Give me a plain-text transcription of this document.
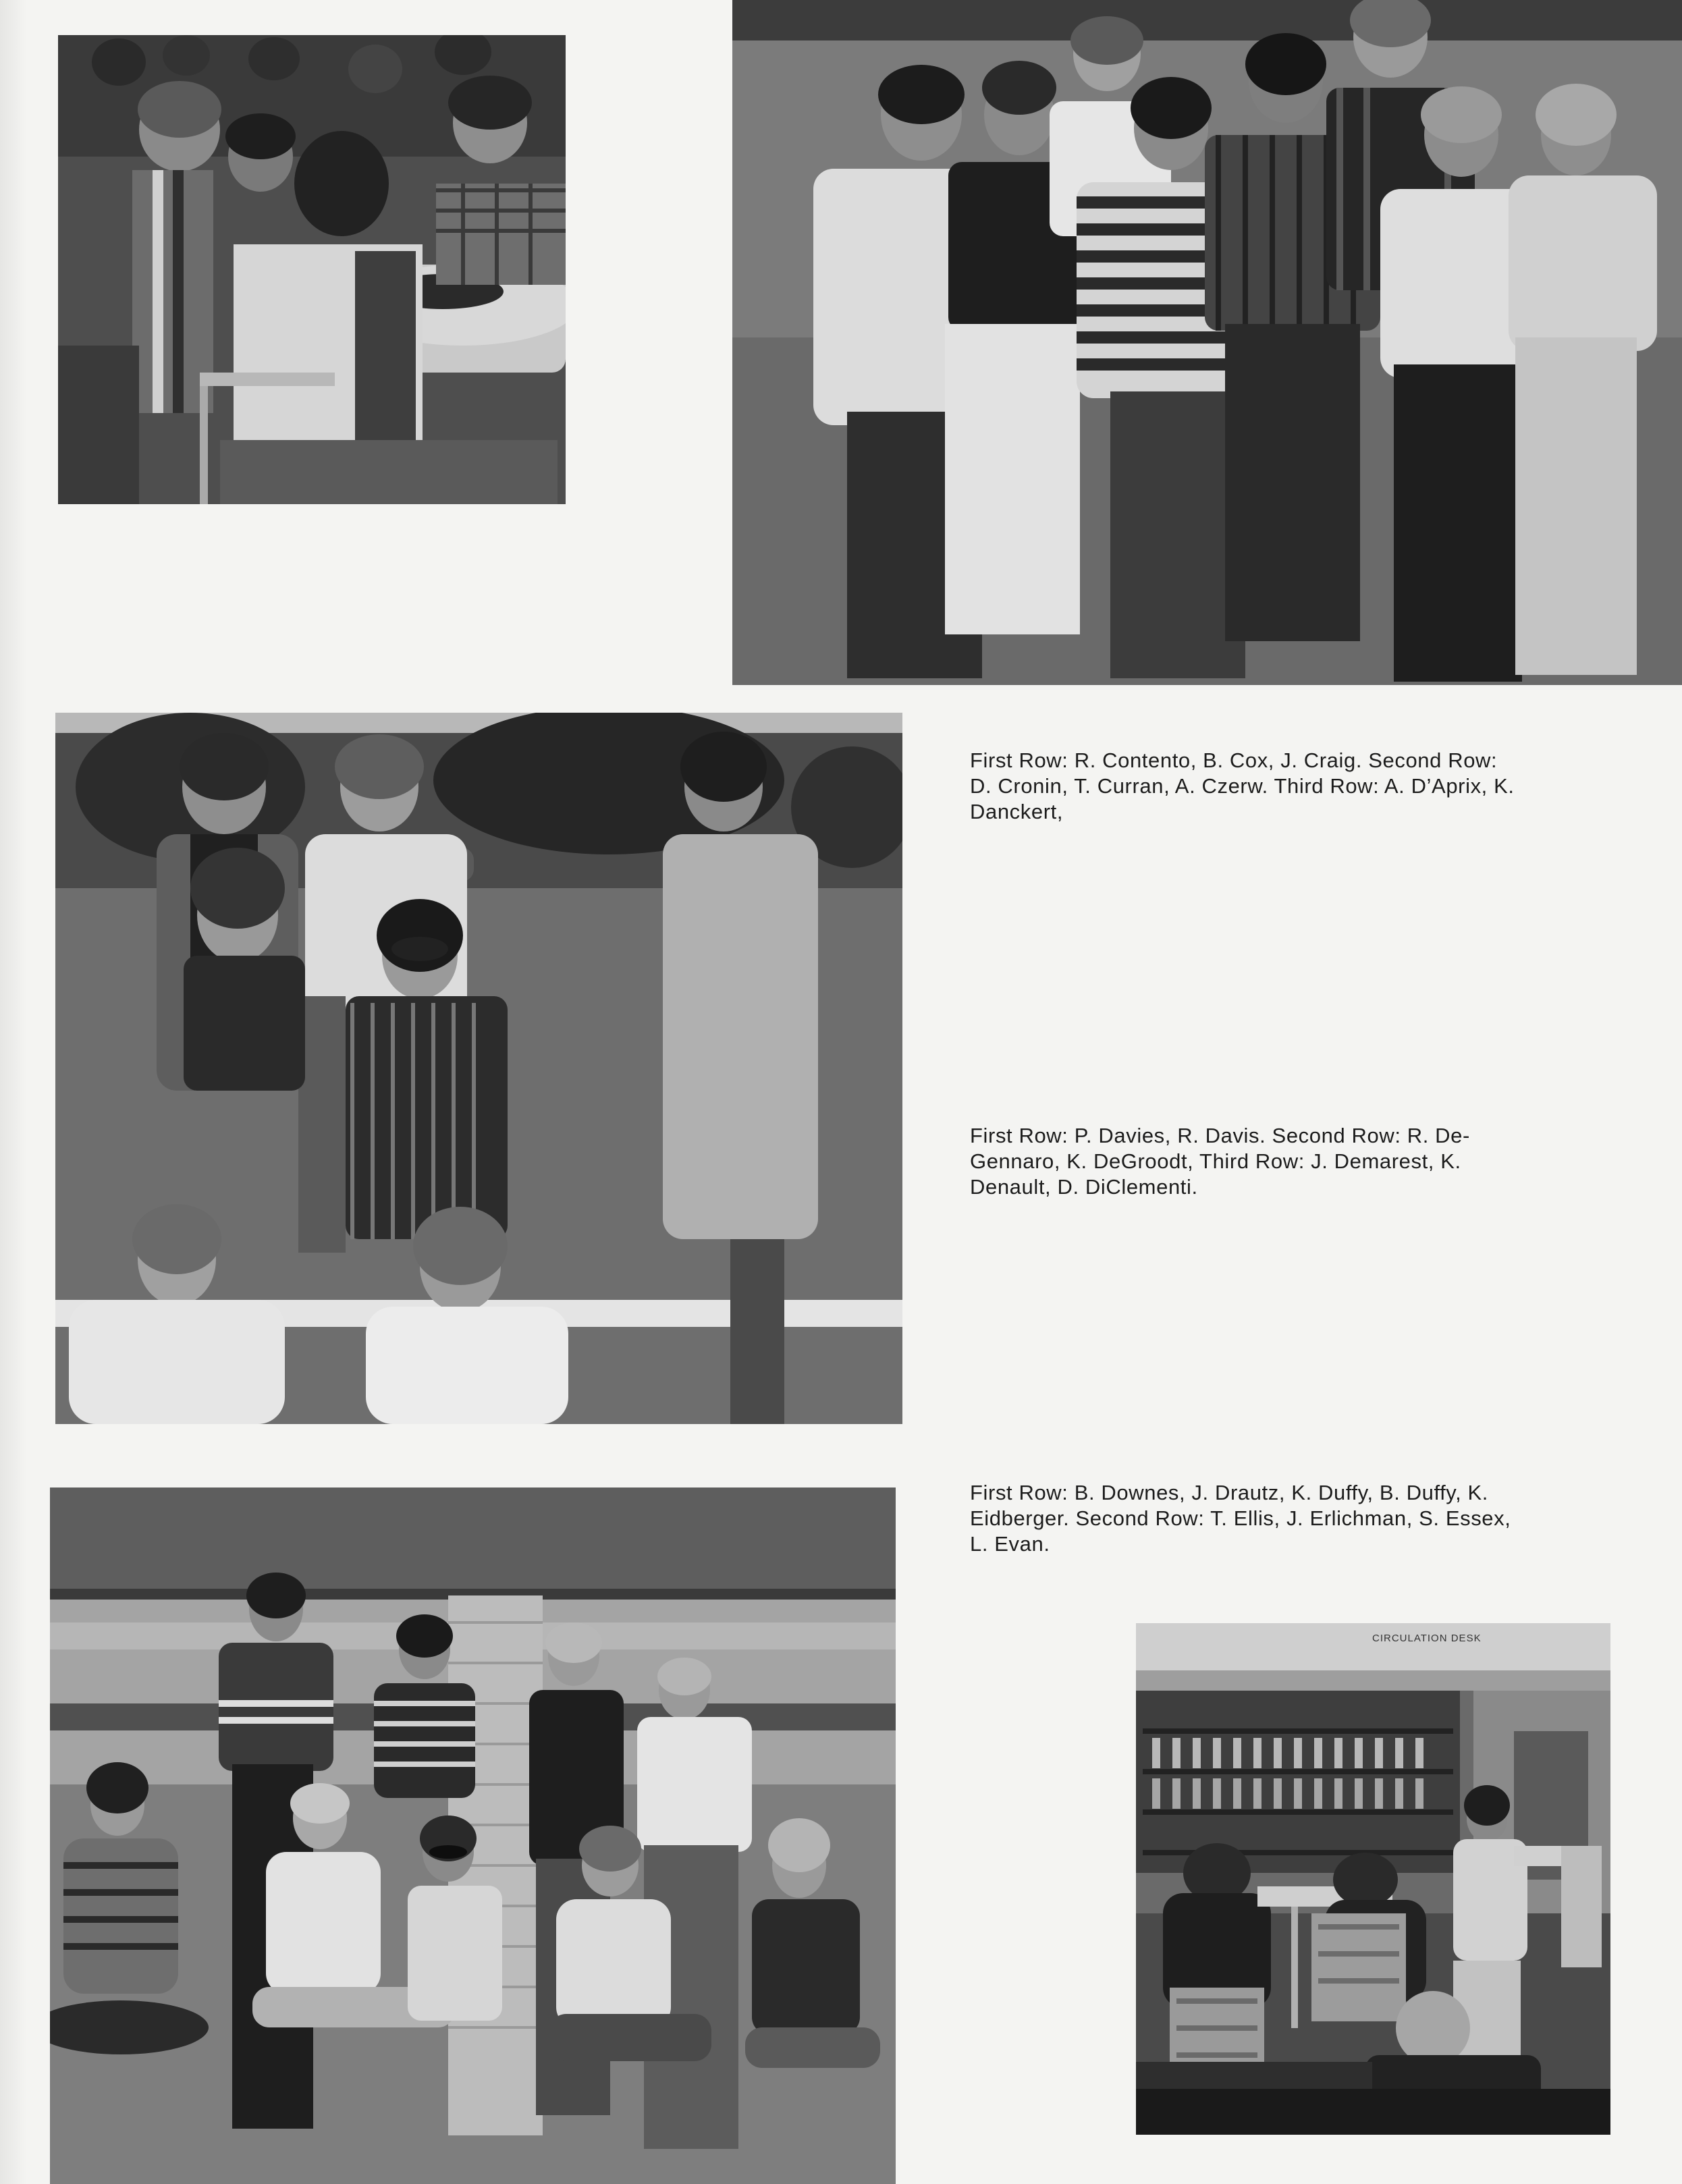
CIRCULATION DESK

First Row: R. Contento, B. Cox, J. Craig. Second Row: D. Cronin, T. Curran, A. Czerw. Third Row: A. D’Aprix, K. Danckert,

First Row: P. Davies, R. Davis. Second Row: R. De-Gennaro, K. DeGroodt, Third Row: J. Demarest, K. Denault, D. DiClementi.

First Row: B. Downes, J. Drautz, K. Duffy, B. Duffy, K. Eidberger. Second Row: T. Ellis, J. Erlichman, S. Essex, L. Evan.
